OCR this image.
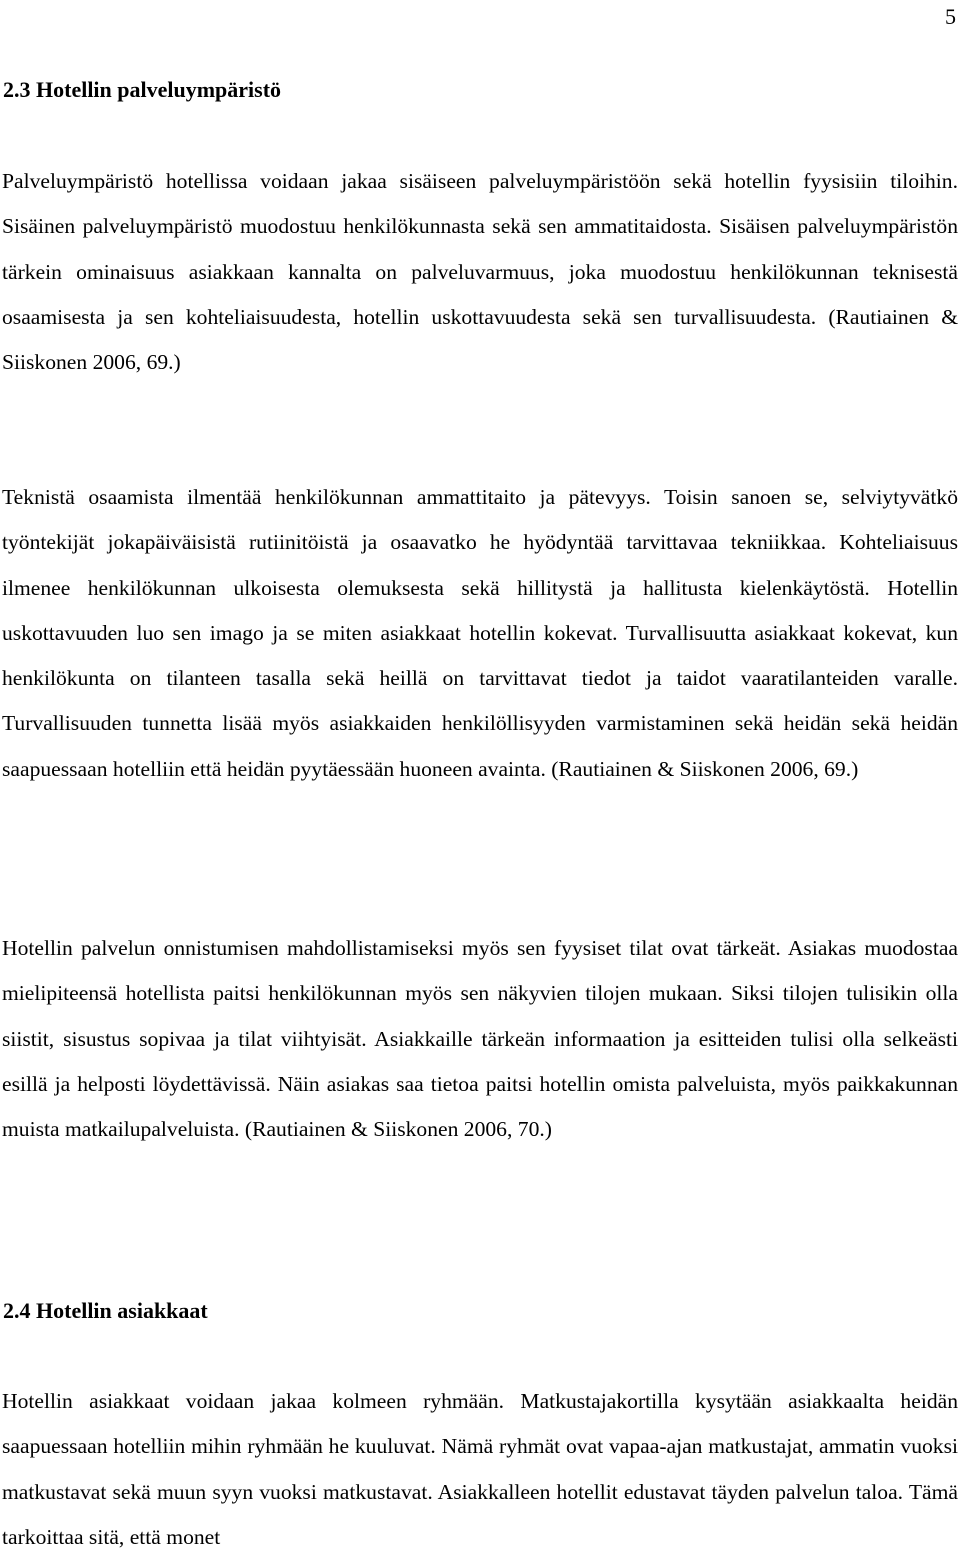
5
2.3 Hotellin palveluympäristö

Palveluympäristö hotellissa voidaan jakaa sisäiseen palveluympäristöön sekä hotellin fyysisiin tiloihin. Sisäinen palveluympäristö muodostuu henkilökunnasta sekä sen ammatitaidosta. Sisäisen palveluympäristön tärkein ominaisuus asiakkaan kannalta on palveluvarmuus, joka muodostuu henkilökunnan teknisestä osaamisesta ja sen kohteliaisuudesta, hotellin uskottavuudesta sekä sen turvallisuudesta. (Rautiainen & Siiskonen 2006, 69.)

Teknistä osaamista ilmentää henkilökunnan ammattitaito ja pätevyys. Toisin sanoen se, selviytyvätkö työntekijät jokapäiväisistä rutiinitöistä ja osaavatko he hyödyntää tarvittavaa tekniikkaa. Kohteliaisuus ilmenee henkilökunnan ulkoisesta olemuksesta sekä hillitystä ja hallitusta kielenkäytöstä. Hotellin uskottavuuden luo sen imago ja se miten asiakkaat hotellin kokevat. Turvallisuutta asiakkaat kokevat, kun henkilökunta on tilanteen tasalla sekä heillä on tarvittavat tiedot ja taidot vaaratilanteiden varalle. Turvallisuuden tunnetta lisää myös asiakkaiden henkilöllisyyden varmistaminen sekä heidän sekä heidän saapuessaan hotelliin että heidän pyytäessään huoneen avainta. (Rautiainen & Siiskonen 2006, 69.)

Hotellin palvelun onnistumisen mahdollistamiseksi myös sen fyysiset tilat ovat tärkeät. Asiakas muodostaa mielipiteensä hotellista paitsi henkilökunnan myös sen näkyvien tilojen mukaan. Siksi tilojen tulisikin olla siistit, sisustus sopivaa ja tilat viihtyisät. Asiakkaille tärkeän informaation ja esitteiden tulisi olla selkeästi esillä ja helposti löydettävissä. Näin asiakas saa tietoa paitsi hotellin omista palveluista, myös paikkakunnan muista matkailupalveluista. (Rautiainen & Siiskonen 2006, 70.)

2.4 Hotellin asiakkaat

Hotellin asiakkaat voidaan jakaa kolmeen ryhmään. Matkustajakortilla kysytään asiakkaalta heidän saapuessaan hotelliin mihin ryhmään he kuuluvat. Nämä ryhmät ovat vapaa-ajan matkustajat, ammatin vuoksi matkustavat sekä muun syyn vuoksi matkustavat. Asiakkalleen hotellit edustavat täyden palvelun taloa. Tämä tarkoittaa sitä, että monet
